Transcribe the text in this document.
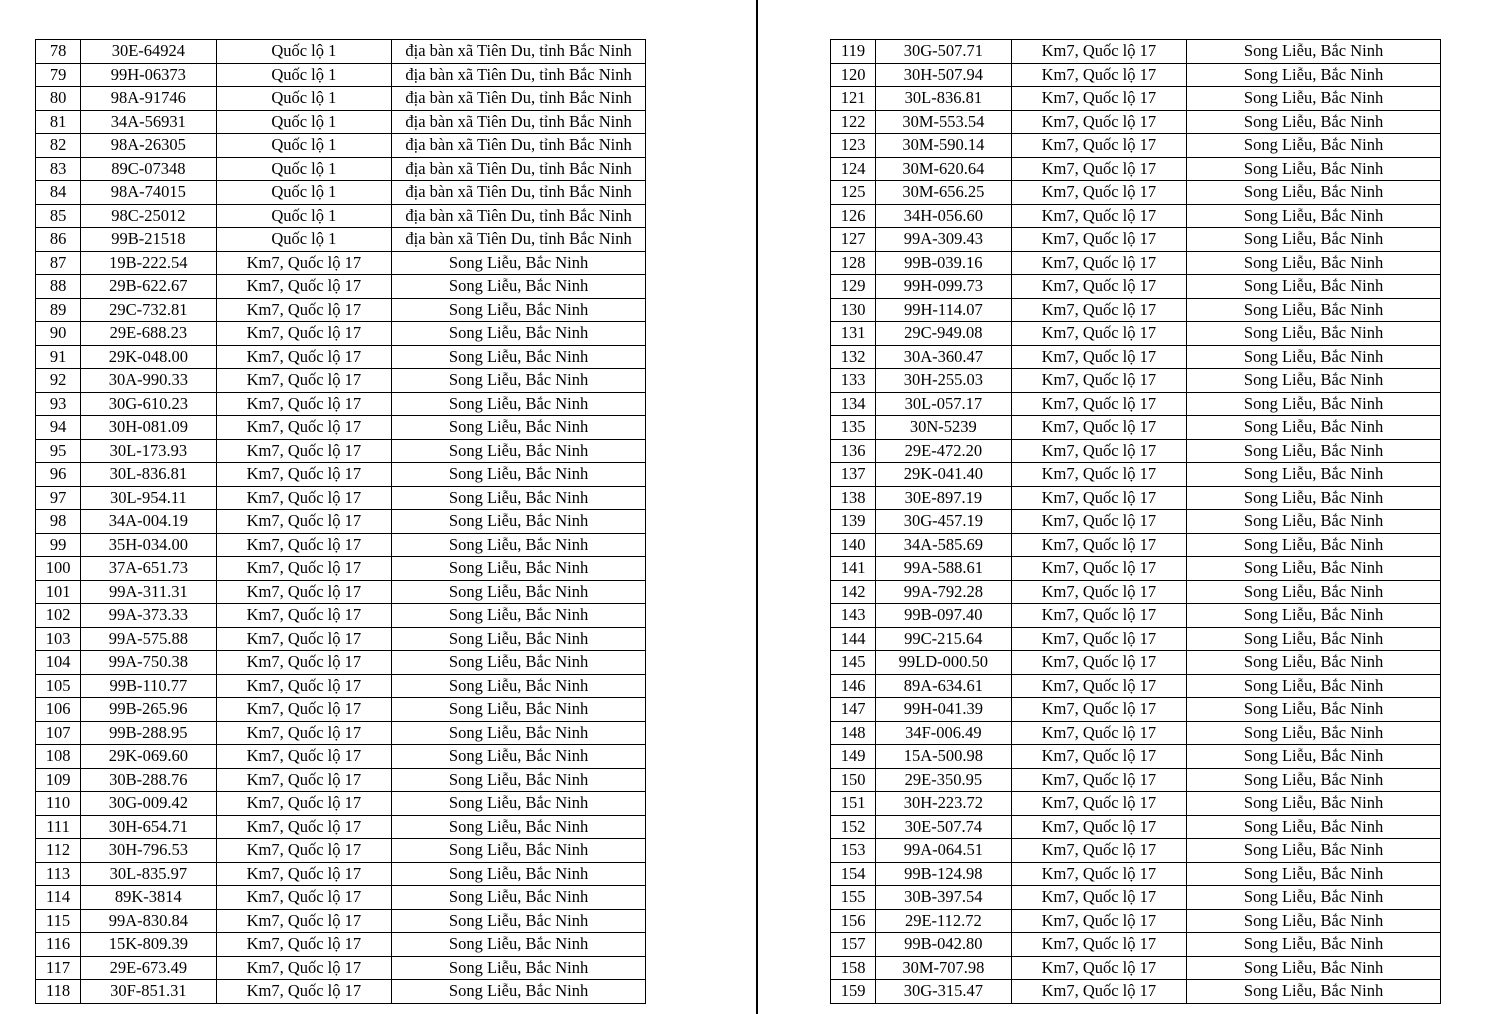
78	30E-64924	Quốc lộ 1	địa bàn xã Tiên Du, tỉnh Bắc Ninh
79	99H-06373	Quốc lộ 1	địa bàn xã Tiên Du, tỉnh Bắc Ninh
80	98A-91746	Quốc lộ 1	địa bàn xã Tiên Du, tỉnh Bắc Ninh
81	34A-56931	Quốc lộ 1	địa bàn xã Tiên Du, tỉnh Bắc Ninh
82	98A-26305	Quốc lộ 1	địa bàn xã Tiên Du, tỉnh Bắc Ninh
83	89C-07348	Quốc lộ 1	địa bàn xã Tiên Du, tỉnh Bắc Ninh
84	98A-74015	Quốc lộ 1	địa bàn xã Tiên Du, tỉnh Bắc Ninh
85	98C-25012	Quốc lộ 1	địa bàn xã Tiên Du, tỉnh Bắc Ninh
86	99B-21518	Quốc lộ 1	địa bàn xã Tiên Du, tỉnh Bắc Ninh
87	19B-222.54	Km7, Quốc lộ 17	Song Liễu, Bắc Ninh
88	29B-622.67	Km7, Quốc lộ 17	Song Liễu, Bắc Ninh
89	29C-732.81	Km7, Quốc lộ 17	Song Liễu, Bắc Ninh
90	29E-688.23	Km7, Quốc lộ 17	Song Liễu, Bắc Ninh
91	29K-048.00	Km7, Quốc lộ 17	Song Liễu, Bắc Ninh
92	30A-990.33	Km7, Quốc lộ 17	Song Liễu, Bắc Ninh
93	30G-610.23	Km7, Quốc lộ 17	Song Liễu, Bắc Ninh
94	30H-081.09	Km7, Quốc lộ 17	Song Liễu, Bắc Ninh
95	30L-173.93	Km7, Quốc lộ 17	Song Liễu, Bắc Ninh
96	30L-836.81	Km7, Quốc lộ 17	Song Liễu, Bắc Ninh
97	30L-954.11	Km7, Quốc lộ 17	Song Liễu, Bắc Ninh
98	34A-004.19	Km7, Quốc lộ 17	Song Liễu, Bắc Ninh
99	35H-034.00	Km7, Quốc lộ 17	Song Liễu, Bắc Ninh
100	37A-651.73	Km7, Quốc lộ 17	Song Liễu, Bắc Ninh
101	99A-311.31	Km7, Quốc lộ 17	Song Liễu, Bắc Ninh
102	99A-373.33	Km7, Quốc lộ 17	Song Liễu, Bắc Ninh
103	99A-575.88	Km7, Quốc lộ 17	Song Liễu, Bắc Ninh
104	99A-750.38	Km7, Quốc lộ 17	Song Liễu, Bắc Ninh
105	99B-110.77	Km7, Quốc lộ 17	Song Liễu, Bắc Ninh
106	99B-265.96	Km7, Quốc lộ 17	Song Liễu, Bắc Ninh
107	99B-288.95	Km7, Quốc lộ 17	Song Liễu, Bắc Ninh
108	29K-069.60	Km7, Quốc lộ 17	Song Liễu, Bắc Ninh
109	30B-288.76	Km7, Quốc lộ 17	Song Liễu, Bắc Ninh
110	30G-009.42	Km7, Quốc lộ 17	Song Liễu, Bắc Ninh
111	30H-654.71	Km7, Quốc lộ 17	Song Liễu, Bắc Ninh
112	30H-796.53	Km7, Quốc lộ 17	Song Liễu, Bắc Ninh
113	30L-835.97	Km7, Quốc lộ 17	Song Liễu, Bắc Ninh
114	89K-3814	Km7, Quốc lộ 17	Song Liễu, Bắc Ninh
115	99A-830.84	Km7, Quốc lộ 17	Song Liễu, Bắc Ninh
116	15K-809.39	Km7, Quốc lộ 17	Song Liễu, Bắc Ninh
117	29E-673.49	Km7, Quốc lộ 17	Song Liễu, Bắc Ninh
118	30F-851.31	Km7, Quốc lộ 17	Song Liễu, Bắc Ninh
119	30G-507.71	Km7, Quốc lộ 17	Song Liễu, Bắc Ninh
120	30H-507.94	Km7, Quốc lộ 17	Song Liễu, Bắc Ninh
121	30L-836.81	Km7, Quốc lộ 17	Song Liễu, Bắc Ninh
122	30M-553.54	Km7, Quốc lộ 17	Song Liễu, Bắc Ninh
123	30M-590.14	Km7, Quốc lộ 17	Song Liễu, Bắc Ninh
124	30M-620.64	Km7, Quốc lộ 17	Song Liễu, Bắc Ninh
125	30M-656.25	Km7, Quốc lộ 17	Song Liễu, Bắc Ninh
126	34H-056.60	Km7, Quốc lộ 17	Song Liễu, Bắc Ninh
127	99A-309.43	Km7, Quốc lộ 17	Song Liễu, Bắc Ninh
128	99B-039.16	Km7, Quốc lộ 17	Song Liễu, Bắc Ninh
129	99H-099.73	Km7, Quốc lộ 17	Song Liễu, Bắc Ninh
130	99H-114.07	Km7, Quốc lộ 17	Song Liễu, Bắc Ninh
131	29C-949.08	Km7, Quốc lộ 17	Song Liễu, Bắc Ninh
132	30A-360.47	Km7, Quốc lộ 17	Song Liễu, Bắc Ninh
133	30H-255.03	Km7, Quốc lộ 17	Song Liễu, Bắc Ninh
134	30L-057.17	Km7, Quốc lộ 17	Song Liễu, Bắc Ninh
135	30N-5239	Km7, Quốc lộ 17	Song Liễu, Bắc Ninh
136	29E-472.20	Km7, Quốc lộ 17	Song Liễu, Bắc Ninh
137	29K-041.40	Km7, Quốc lộ 17	Song Liễu, Bắc Ninh
138	30E-897.19	Km7, Quốc lộ 17	Song Liễu, Bắc Ninh
139	30G-457.19	Km7, Quốc lộ 17	Song Liễu, Bắc Ninh
140	34A-585.69	Km7, Quốc lộ 17	Song Liễu, Bắc Ninh
141	99A-588.61	Km7, Quốc lộ 17	Song Liễu, Bắc Ninh
142	99A-792.28	Km7, Quốc lộ 17	Song Liễu, Bắc Ninh
143	99B-097.40	Km7, Quốc lộ 17	Song Liễu, Bắc Ninh
144	99C-215.64	Km7, Quốc lộ 17	Song Liễu, Bắc Ninh
145	99LD-000.50	Km7, Quốc lộ 17	Song Liễu, Bắc Ninh
146	89A-634.61	Km7, Quốc lộ 17	Song Liễu, Bắc Ninh
147	99H-041.39	Km7, Quốc lộ 17	Song Liễu, Bắc Ninh
148	34F-006.49	Km7, Quốc lộ 17	Song Liễu, Bắc Ninh
149	15A-500.98	Km7, Quốc lộ 17	Song Liễu, Bắc Ninh
150	29E-350.95	Km7, Quốc lộ 17	Song Liễu, Bắc Ninh
151	30H-223.72	Km7, Quốc lộ 17	Song Liễu, Bắc Ninh
152	30E-507.74	Km7, Quốc lộ 17	Song Liễu, Bắc Ninh
153	99A-064.51	Km7, Quốc lộ 17	Song Liễu, Bắc Ninh
154	99B-124.98	Km7, Quốc lộ 17	Song Liễu, Bắc Ninh
155	30B-397.54	Km7, Quốc lộ 17	Song Liễu, Bắc Ninh
156	29E-112.72	Km7, Quốc lộ 17	Song Liễu, Bắc Ninh
157	99B-042.80	Km7, Quốc lộ 17	Song Liễu, Bắc Ninh
158	30M-707.98	Km7, Quốc lộ 17	Song Liễu, Bắc Ninh
159	30G-315.47	Km7, Quốc lộ 17	Song Liễu, Bắc Ninh
